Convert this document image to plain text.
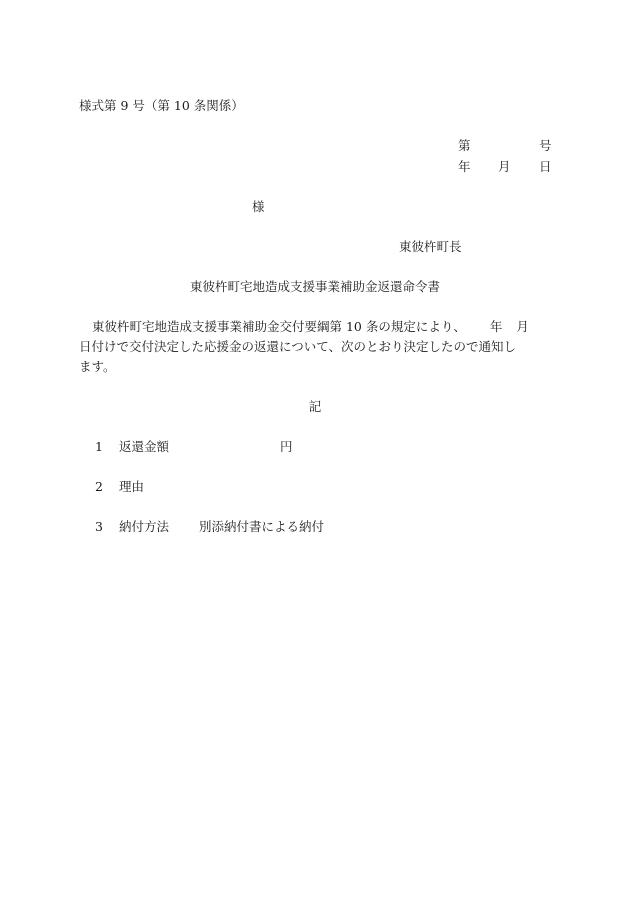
様式第 9 号（第 10 条関係）
第	号
年 月 日
様
東彼杵町長
東彼杵町宅地造成支援事業補助金返還命令書
東彼杵町宅地造成支援事業補助金交付要綱第 10 条の規定により、 年 月
日付けで交付決定した応援金の返還について、次のとおり決定したので通知し
ます。
記
1 返還金額	円
2 理由
3 納付方法 別添納付書による納付
